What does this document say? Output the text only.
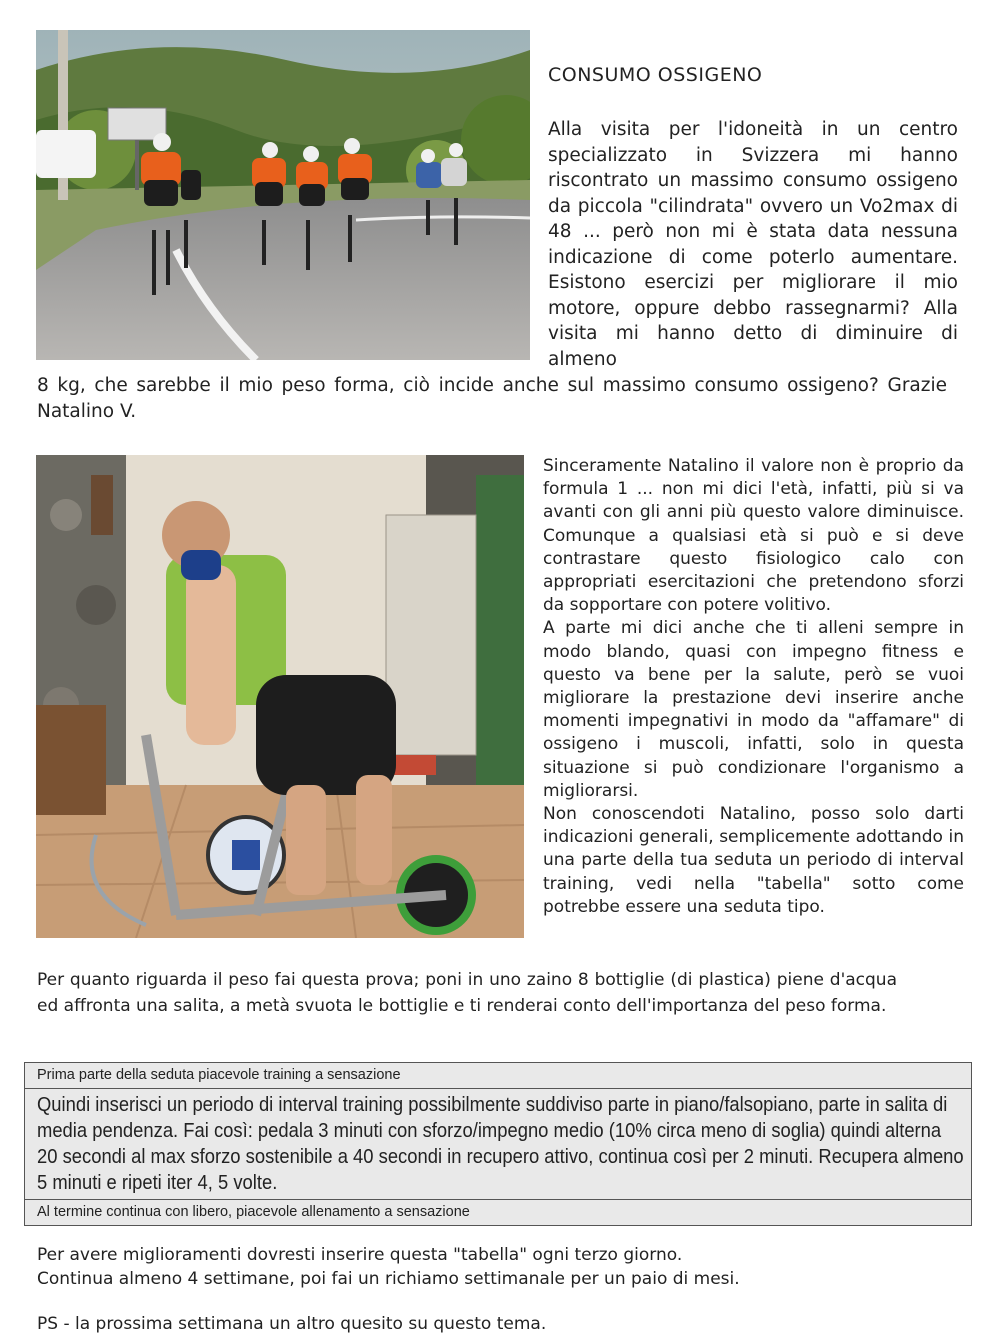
CONSUMO OSSIGENO
Alla visita per l'idoneità in un centro specializzato in Svizzera mi hanno riscontrato un massimo consumo ossigeno da piccola "cilindrata" ovvero un Vo2max di 48 ... però non mi è stata data nessuna indicazione di come poterlo aumentare. Esistono esercizi per migliorare il mio motore, oppure debbo rassegnarmi? Alla visita mi hanno detto di diminuire di almeno
8 kg, che sarebbe il mio peso forma, ciò incide anche sul massimo consumo ossigeno? Grazie Natalino V.
Sinceramente Natalino il valore non è proprio da formula 1 ... non mi dici l'età, infatti, più si va avanti con gli anni più questo valore diminuisce. Comunque a qualsiasi età si può e si deve contrastare questo fisiologico calo con appropriati esercitazioni che pretendono sforzi da sopportare con potere volitivo.
A parte mi dici anche che ti alleni sempre in modo blando, quasi con impegno fitness e questo va bene per la salute, però se vuoi migliorare la prestazione devi inserire anche momenti impegnativi in modo da "affamare" di ossigeno i muscoli, infatti, solo in questa situazione si può condizionare l'organismo a migliorarsi.
Non conoscendoti Natalino, posso solo darti indicazioni generali, semplicemente adottando in una parte della tua seduta un periodo di interval training, vedi nella "tabella" sotto come potrebbe essere una seduta tipo.
Per quanto riguarda il peso fai questa prova; poni in uno zaino 8 bottiglie (di plastica) piene d'acqua ed affronta una salita, a metà svuota le bottiglie e ti renderai conto dell'importanza del peso forma.
Prima parte della seduta piacevole training a sensazione
Quindi inserisci un periodo di interval training possibilmente suddiviso parte in piano/falsopiano, parte in salita di media pendenza. Fai così: pedala 3 minuti con sforzo/impegno medio (10% circa meno di soglia) quindi alterna 20 secondi al max sforzo sostenibile a 40 secondi in recupero attivo, continua così per 2 minuti. Recupera almeno 5 minuti e ripeti iter 4, 5 volte.
Al termine continua con libero, piacevole allenamento a sensazione
Per avere miglioramenti dovresti inserire questa "tabella" ogni terzo giorno.
Continua almeno 4 settimane, poi fai un richiamo settimanale per un paio di mesi.
PS - la prossima settimana un altro quesito su questo tema.
